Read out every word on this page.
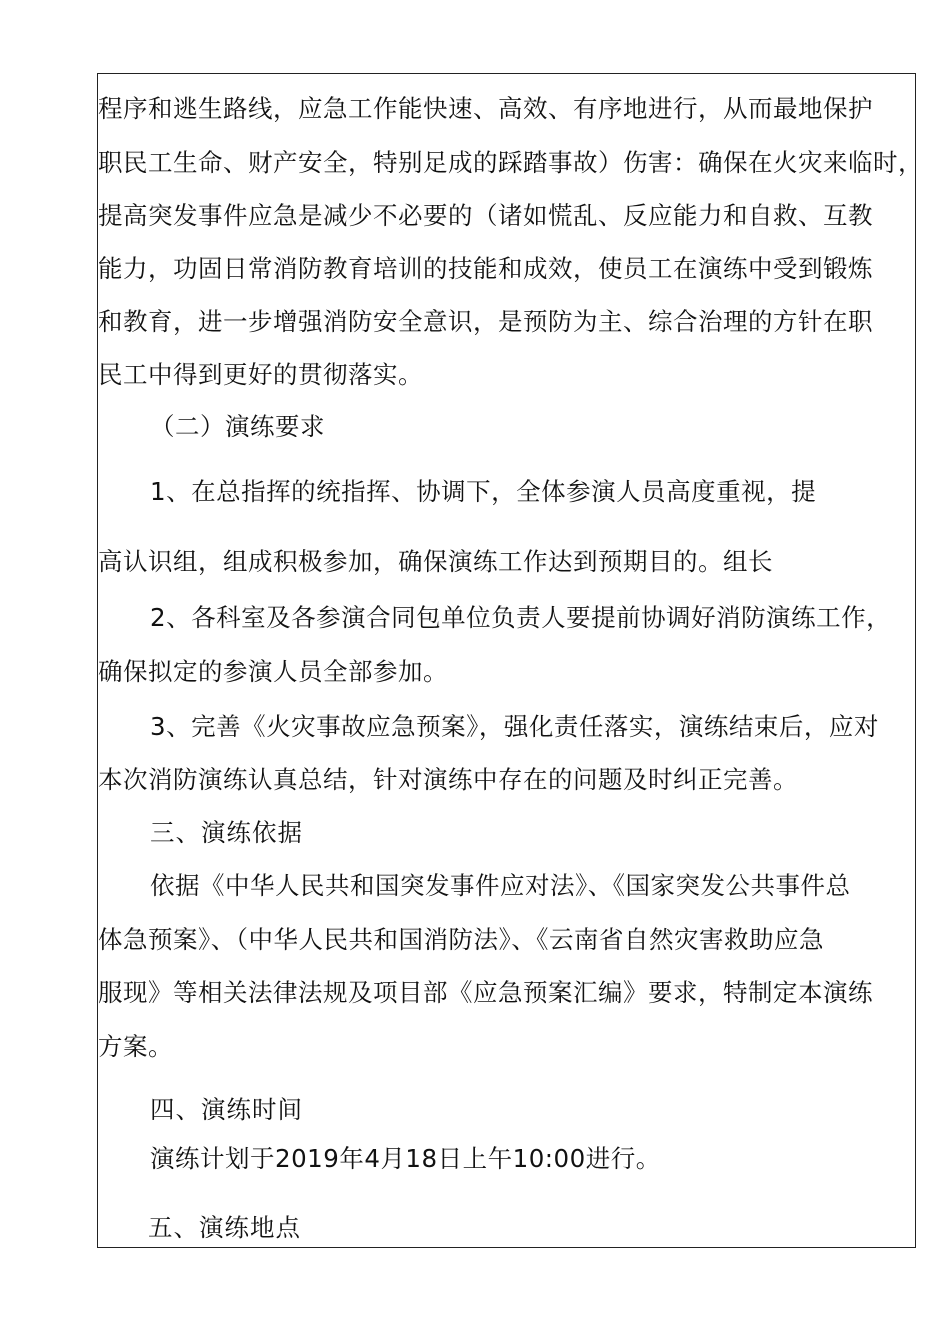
程序和逃生路线，应急工作能快速、高效、有序地进行，从而最地保护
职民工生命、财产安全，特别足成的踩踏事故）伤害：确保在火灾来临时，
提高突发事件应急是减少不必要的（诸如慌乱、反应能力和自救、互教
能力，功固日常消防教育培训的技能和成效，使员工在演练中受到锻炼
和教育，进一步增强消防安全意识，是预防为主、综合治理的方针在职
民工中得到更好的贯彻落实。
（二）演练要求
1、在总指挥的统指挥、协调下，全体参演人员高度重视，提
高认识组，组成积极参加，确保演练工作达到预期目的。组长
2、各科室及各参演合同包单位负责人要提前协调好消防演练工作，
确保拟定的参演人员全部参加。
3、完善《火灾事故应急预案》，强化责任落实，演练结束后，应对
本次消防演练认真总结，针对演练中存在的问题及时纠正完善。
三、演练依据
依据《中华人民共和国突发事件应对法》、《国家突发公共事件总
体急预案》、（中华人民共和国消防法》、《云南省自然灾害救助应急
服现》等相关法律法规及项目部《应急预案汇编》要求，特制定本演练
方案。
四、演练时间
演练计划于2019年4月18日上午10:00进行。
五、演练地点
